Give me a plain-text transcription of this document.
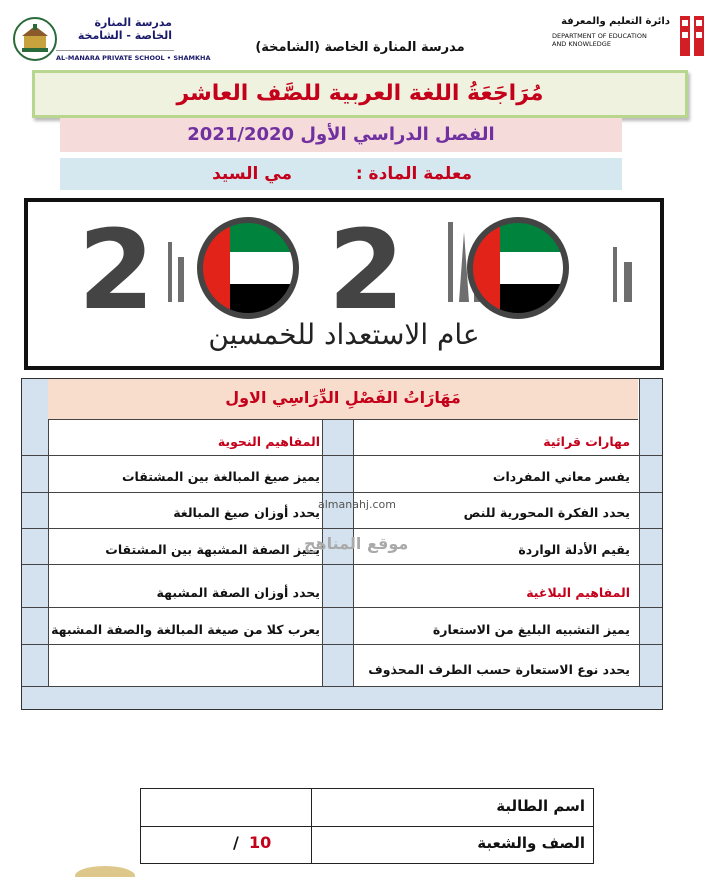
مدرسة المنارة الخاصة - الشامخة
AL-MANARA PRIVATE SCHOOL • SHAMKHA
دائرة التعليم والمعرفة
DEPARTMENT OF EDUCATION
AND KNOWLEDGE
مدرسة المنارة الخاصة (الشامخة)
مُرَاجَعَةُ اللغة العربية للصَّف العاشر
الفصل الدراسي الأول 2021/2020
معلمة المادة :
مي السيد
2 2
عام الاستعداد للخمسين
مَهَارَاتُ الفَصْلِ الدِّرَاسِي الاول
مهارات قرائية
يفسر معاني المفردات
يحدد الفكرة المحورية للنص
يقيم الأدلة الواردة
المفاهيم البلاغية
يميز التشبيه البليغ من الاستعارة
يحدد نوع الاستعارة حسب الطرف المحذوف
المفاهيم النحوية
يميز صيغ المبالغة بين المشتقات
يحدد أوزان صيغ المبالغة
يميز الصفة المشبهة بين المشتقات
يحدد أوزان الصفة المشبهة
يعرب كلا من صيغة المبالغة والصفة المشبهة
almanahj.com
موقع المناهج
اسم الطالبة
الصف والشعبة
10
/
